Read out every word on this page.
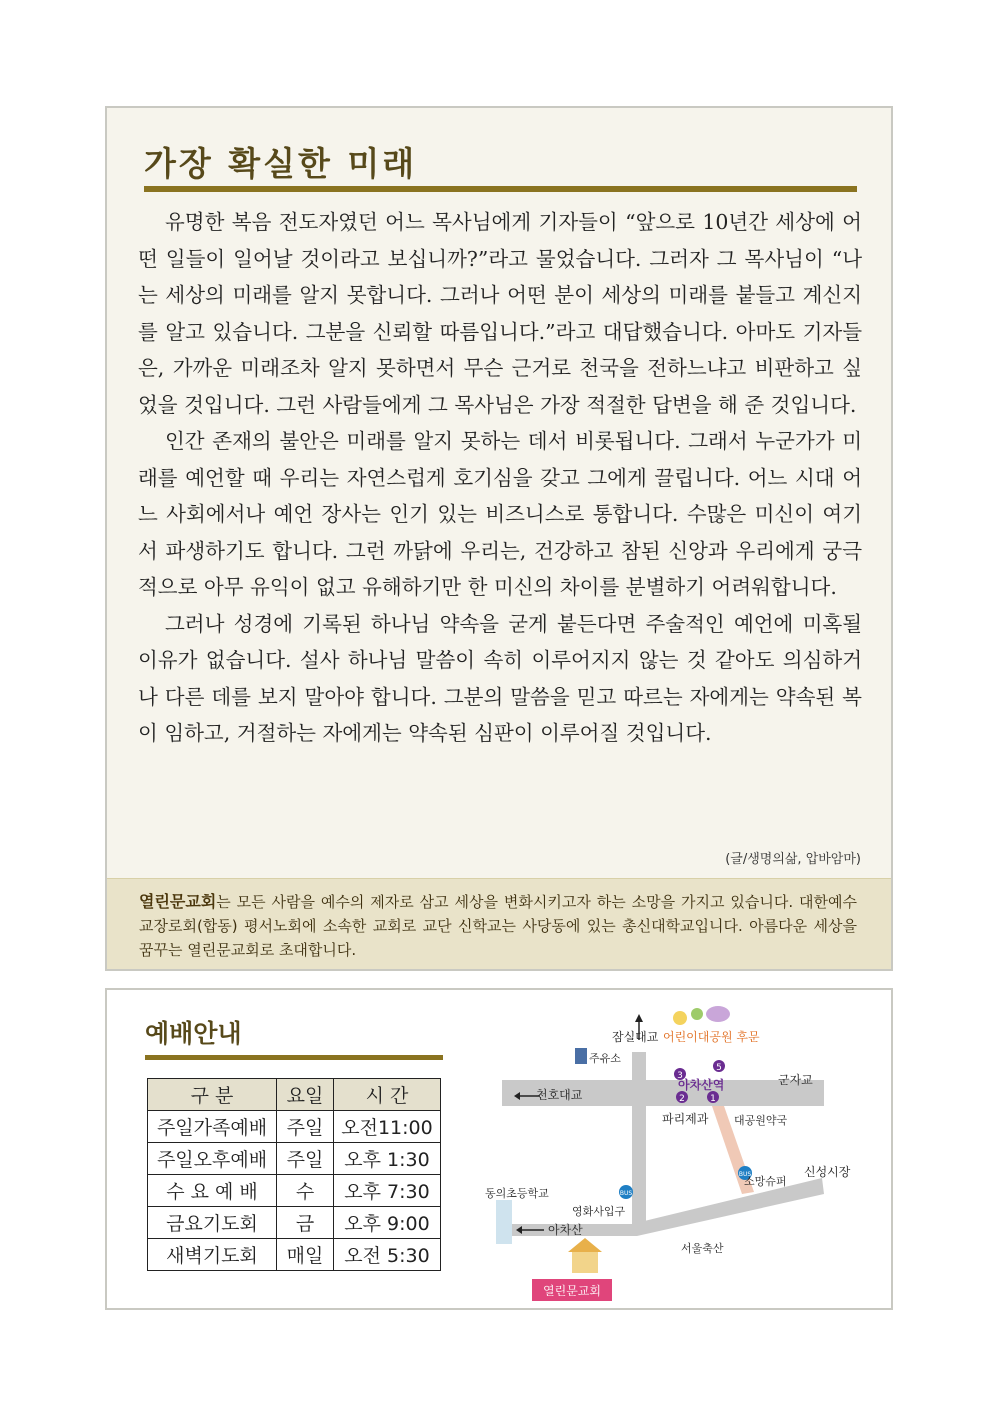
가장 확실한 미래

유명한 복음 전도자였던 어느 목사님에게 기자들이 “앞으로 10년간 세상에 어떤 일들이 일어날 것이라고 보십니까?”라고 물었습니다. 그러자 그 목사님이 “나는 세상의 미래를 알지 못합니다. 그러나 어떤 분이 세상의 미래를 붙들고 계신지를 알고 있습니다. 그분을 신뢰할 따름입니다.”라고 대답했습니다. 아마도 기자들은, 가까운 미래조차 알지 못하면서 무슨 근거로 천국을 전하느냐고 비판하고 싶었을 것입니다. 그런 사람들에게 그 목사님은 가장 적절한 답변을 해 준 것입니다.

인간 존재의 불안은 미래를 알지 못하는 데서 비롯됩니다. 그래서 누군가가 미래를 예언할 때 우리는 자연스럽게 호기심을 갖고 그에게 끌립니다. 어느 시대 어느 사회에서나 예언 장사는 인기 있는 비즈니스로 통합니다. 수많은 미신이 여기서 파생하기도 합니다. 그런 까닭에 우리는, 건강하고 참된 신앙과 우리에게 궁극적으로 아무 유익이 없고 유해하기만 한 미신의 차이를 분별하기 어려워합니다.

그러나 성경에 기록된 하나님 약속을 굳게 붙든다면 주술적인 예언에 미혹될 이유가 없습니다. 설사 하나님 말씀이 속히 이루어지지 않는 것 같아도 의심하거나 다른 데를 보지 말아야 합니다. 그분의 말씀을 믿고 따르는 자에게는 약속된 복이 임하고, 거절하는 자에게는 약속된 심판이 이루어질 것입니다.

(글/생명의삶, 압바암마)
열린문교회는 모든 사람을 예수의 제자로 삼고 세상을 변화시키고자 하는 소망을 가지고 있습니다. 대한예수교장로회(합동) 평서노회에 소속한 교회로 교단 신학교는 사당동에 있는 총신대학교입니다. 아름다운 세상을 꿈꾸는 열린문교회로 초대합니다.
예배안내
구 분	요일	시 간
주일가족예배	주일	오전11:00
주일오후예배	주일	오후 1:30
수 요 예 배	수	오후 7:30
금요기도회	금	오후 9:00
새벽기도회	매일	오전 5:30
3
5
2	1
BUS
BUS
잠실대교 어린이대공원 후문
주유소
천호대교
아차산역	군자교
파리제과 대공원약국
신성시장
소망슈퍼
동의초등학교
영화사입구
아차산
서울축산
열린문교회
